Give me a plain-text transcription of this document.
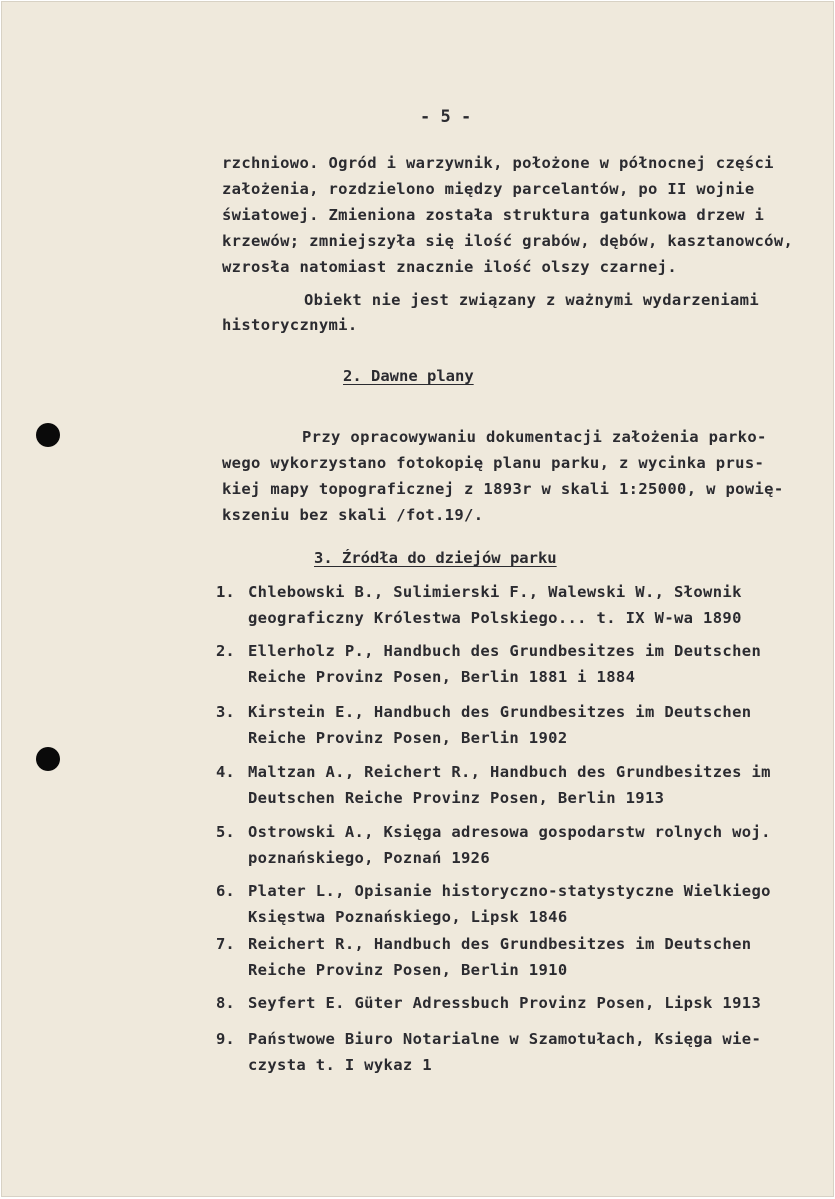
- 5 -
rzchniowo. Ogród i warzywnik, położone w północnej części
założenia, rozdzielono między parcelantów, po II wojnie
światowej. Zmieniona została struktura gatunkowa drzew i
krzewów; zmniejszyła się ilość grabów, dębów, kasztanowców,
wzrosła natomiast znacznie ilość olszy czarnej.
Obiekt nie jest związany z ważnymi wydarzeniami
historycznymi.
2. Dawne plany
Przy opracowywaniu dokumentacji założenia parko-
wego wykorzystano fotokopię planu parku, z wycinka prus-
kiej mapy topograficznej z 1893r w skali 1:25000, w powię-
kszeniu bez skali /fot.19/.
3. Źródła do dziejów parku
1. Chlebowski B., Sulimierski F., Walewski W., Słownik
geograficzny Królestwa Polskiego... t. IX W-wa 1890
2. Ellerholz P., Handbuch des Grundbesitzes im Deutschen
Reiche Provinz Posen, Berlin 1881 i 1884
3. Kirstein E., Handbuch des Grundbesitzes im Deutschen
Reiche Provinz Posen, Berlin 1902
4. Maltzan A., Reichert R., Handbuch des Grundbesitzes im
Deutschen Reiche Provinz Posen, Berlin 1913
5. Ostrowski A., Księga adresowa gospodarstw rolnych woj.
poznańskiego, Poznań 1926
6. Plater L., Opisanie historyczno-statystyczne Wielkiego
Księstwa Poznańskiego, Lipsk 1846
7. Reichert R., Handbuch des Grundbesitzes im Deutschen
Reiche Provinz Posen, Berlin 1910
8. Seyfert E. Güter Adressbuch Provinz Posen, Lipsk 1913
9. Państwowe Biuro Notarialne w Szamotułach, Księga wie-
czysta t. I wykaz 1
